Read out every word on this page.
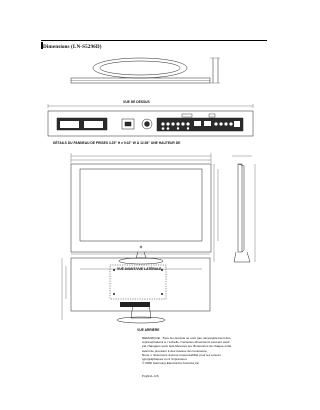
Dimensions (LN-S5296D)
VUE DE DESSUS
DÉTAILS DU PANNEAU DE PRISES 3.25" H x 9.02" W À 12.56" UNE HAUTEUR DE
VUE AVANT/VUE LATÉRALE
VUE ARRIÈRE

REMARQUE : Tous les dessins ne sont pas nécessairement des

représentations à l ’échelle. Certaines dimensions peuvent avoir

été changées sans avis.Mesures les dimensions de chaque unité

avant de procéder à des travaux de menuiserie.

Nous n ’assumons aucune responsabilité pour les erreurs

typographiques ou d ’impression.

© 2006 Samsung Electronics America,Inc.

English-126
